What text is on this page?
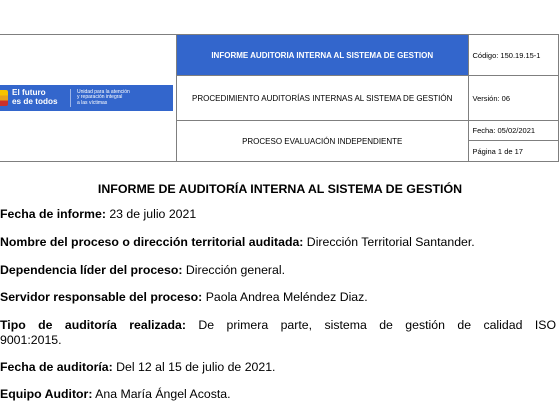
El futuro
es de todos
Unidad para la atención
y reparación integral
a las víctimas	INFORME AUDITORIA INTERNA AL SISTEMA DE GESTION	Código: 150.19.15-1
	PROCEDIMIENTO AUDITORÍAS INTERNAS AL SISTEMA DE GESTIÓN	Versión: 06
	PROCESO EVALUACIÓN INDEPENDIENTE	Fecha: 05/02/2021
		Página 1 de 17
INFORME DE AUDITORÍA INTERNA AL SISTEMA DE GESTIÓN
Fecha de informe: 23 de julio 2021
Nombre del proceso o dirección territorial auditada: Dirección Territorial Santander.
Dependencia líder del proceso: Dirección general.
Servidor responsable del proceso: Paola Andrea Meléndez Diaz.
Tipo de auditoría realizada: De primera parte, sistema de gestión de calidad ISO
9001:2015.
Fecha de auditoría: Del 12 al 15 de julio de 2021.
Equipo Auditor: Ana María Ángel Acosta.
